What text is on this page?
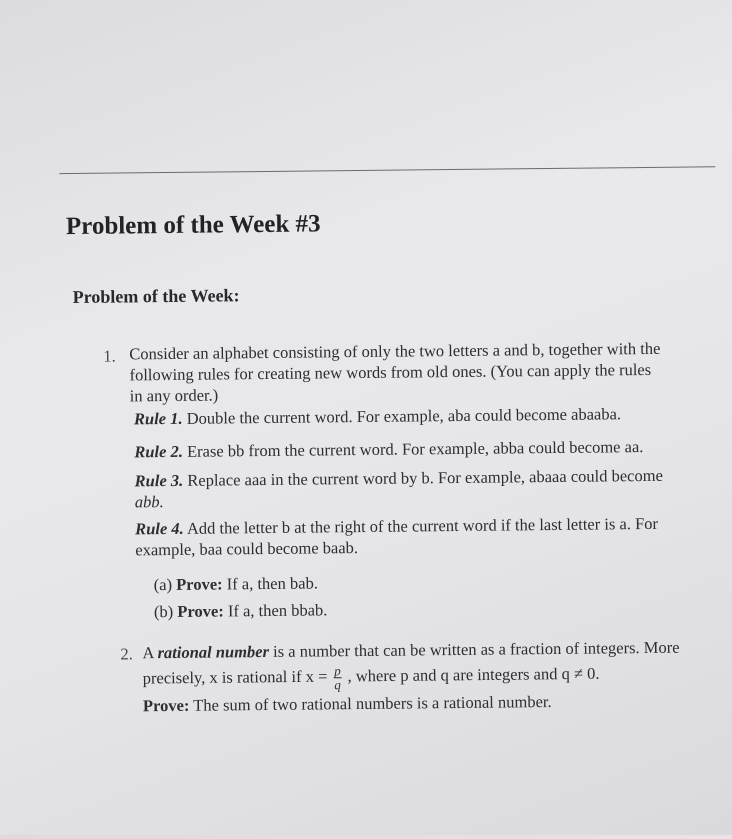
Problem of the Week #3
Problem of the Week:
1. Consider an alphabet consisting of only the two letters a and b, together with the
following rules for creating new words from old ones. (You can apply the rules
in any order.)
Rule 1. Double the current word. For example, aba could become abaaba.
Rule 2. Erase bb from the current word. For example, abba could become aa.
Rule 3. Replace aaa in the current word by b. For example, abaaa could become
abb.
Rule 4. Add the letter b at the right of the current word if the last letter is a. For
example, baa could become baab.
(a) Prove: If a, then bab.
(b) Prove: If a, then bbab.
2. A rational number is a number that can be written as a fraction of integers. More
precisely, x is rational if $x = \frac{p}{q}$ , where p and q are integers and q ≠ 0.
Prove: The sum of two rational numbers is a rational number.
